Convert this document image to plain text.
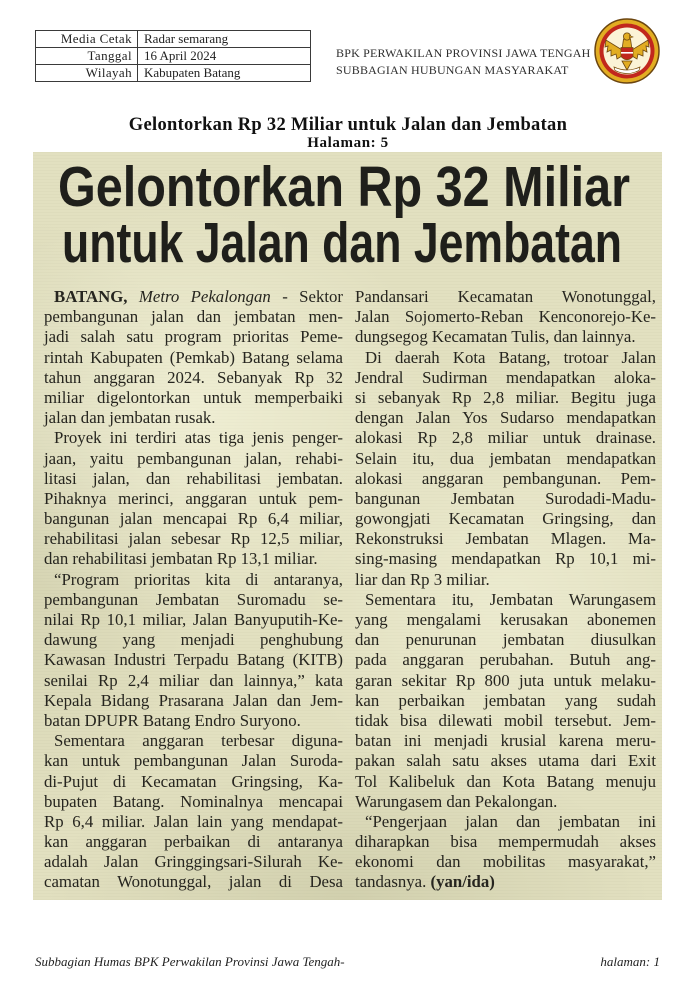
Media Cetak	Radar semarang
Tanggal	16 April 2024
Wilayah	Kabupaten Batang
BPK PERWAKILAN PROVINSI JAWA TENGAH
SUBBAGIAN HUBUNGAN MASYARAKAT
Gelontorkan Rp 32 Miliar untuk Jalan dan Jembatan
Halaman: 5
Gelontorkan Rp 32 Miliar
untuk Jalan dan Jembatan
BATANG, Metro Pekalongan - Sektor
pembangunan jalan dan jembatan men-
jadi salah satu program prioritas Peme-
rintah Kabupaten (Pemkab) Batang selama
tahun anggaran 2024. Sebanyak Rp 32
miliar digelontorkan untuk memperbaiki
jalan dan jembatan rusak.
Proyek ini terdiri atas tiga jenis penger-
jaan, yaitu pembangunan jalan, rehabi-
litasi jalan, dan rehabilitasi jembatan.
Pihaknya merinci, anggaran untuk pem-
bangunan jalan mencapai Rp 6,4 miliar,
rehabilitasi jalan sebesar Rp 12,5 miliar,
dan rehabilitasi jembatan Rp 13,1 miliar.
“Program prioritas kita di antaranya,
pembangunan Jembatan Suromadu se-
nilai Rp 10,1 miliar, Jalan Banyuputih-Ke-
dawung yang menjadi penghubung
Kawasan Industri Terpadu Batang (KITB)
senilai Rp 2,4 miliar dan lainnya,” kata
Kepala Bidang Prasarana Jalan dan Jem-
batan DPUPR Batang Endro Suryono.
Sementara anggaran terbesar diguna-
kan untuk pembangunan Jalan Suroda-
di-Pujut di Kecamatan Gringsing, Ka-
bupaten Batang. Nominalnya mencapai
Rp 6,4 miliar. Jalan lain yang mendapat-
kan anggaran perbaikan di antaranya
adalah Jalan Gringgingsari-Silurah Ke-
camatan Wonotunggal, jalan di Desa
Pandansari Kecamatan Wonotunggal,
Jalan Sojomerto-Reban Kenconorejo-Ke-
dungsegog Kecamatan Tulis, dan lainnya.
Di daerah Kota Batang, trotoar Jalan
Jendral Sudirman mendapatkan aloka-
si sebanyak Rp 2,8 miliar. Begitu juga
dengan Jalan Yos Sudarso mendapatkan
alokasi Rp 2,8 miliar untuk drainase.
Selain itu, dua jembatan mendapatkan
alokasi anggaran pembangunan. Pem-
bangunan Jembatan Surodadi-Madu-
gowongjati Kecamatan Gringsing, dan
Rekonstruksi Jembatan Mlagen. Ma-
sing-masing mendapatkan Rp 10,1 mi-
liar dan Rp 3 miliar.
Sementara itu, Jembatan Warungasem
yang mengalami kerusakan abonemen
dan penurunan jembatan diusulkan
pada anggaran perubahan. Butuh ang-
garan sekitar Rp 800 juta untuk melaku-
kan perbaikan jembatan yang sudah
tidak bisa dilewati mobil tersebut. Jem-
batan ini menjadi krusial karena meru-
pakan salah satu akses utama dari Exit
Tol Kalibeluk dan Kota Batang menuju
Warungasem dan Pekalongan.
“Pengerjaan jalan dan jembatan ini
diharapkan bisa mempermudah akses
ekonomi dan mobilitas masyarakat,”
tandasnya. (yan/ida)
Subbagian Humas BPK Perwakilan Provinsi Jawa Tengah-	halaman: 1
